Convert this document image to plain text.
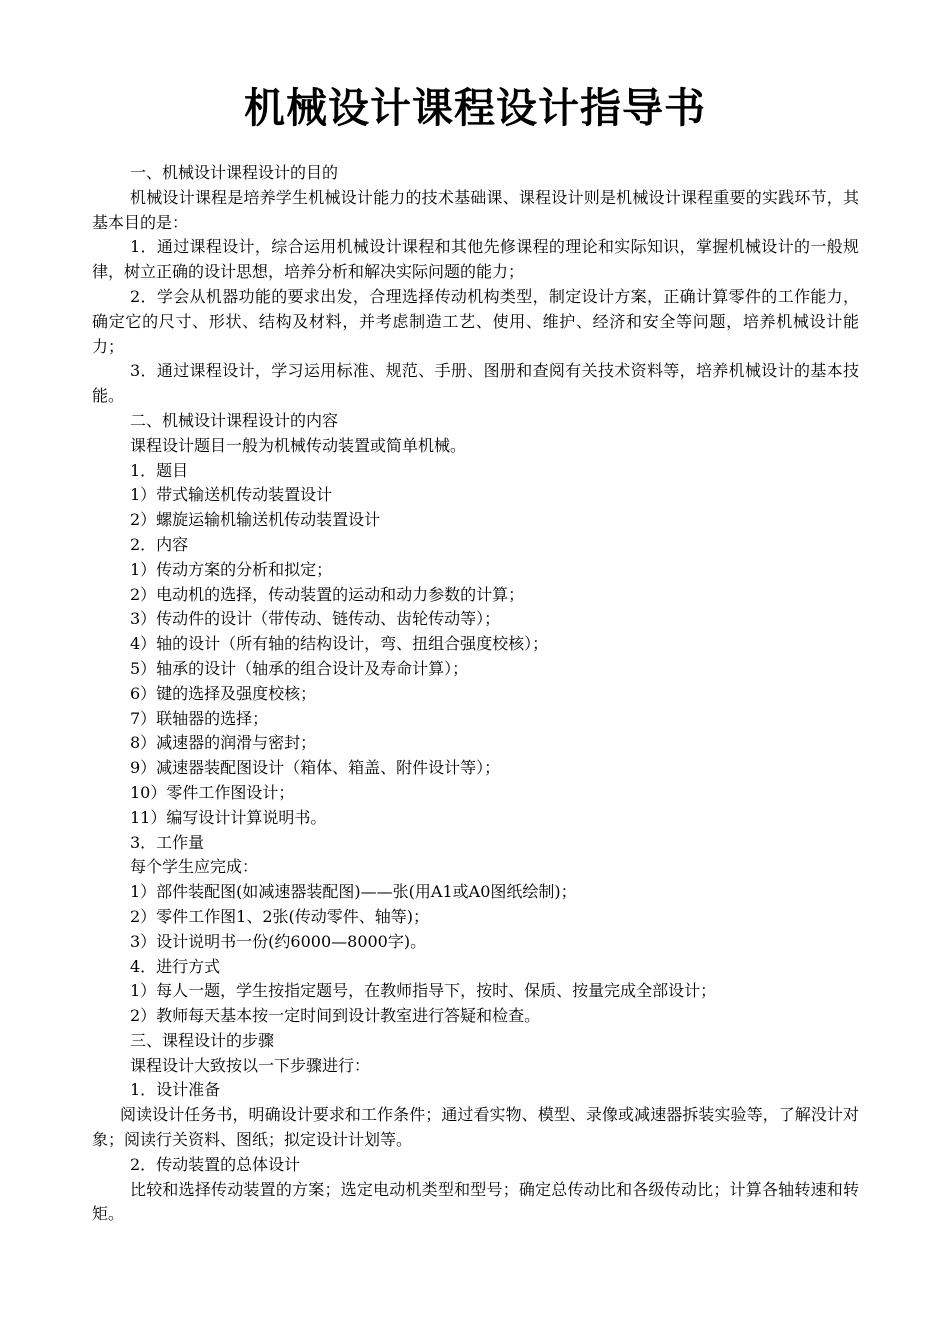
机械设计课程设计指导书

一、机械设计课程设计的目的

机械设计课程是培养学生机械设计能力的技术基础课、课程设计则是机械设计课程重要的实践环节，其基本目的是：

1．通过课程设计，综合运用机械设计课程和其他先修课程的理论和实际知识，掌握机械设计的一般规律，树立正确的设计思想，培养分析和解决实际问题的能力；

2．学会从机器功能的要求出发，合理选择传动机构类型，制定设计方案，正确计算零件的工作能力，确定它的尺寸、形状、结构及材料，并考虑制造工艺、使用、维护、经济和安全等问题，培养机械设计能力；

3．通过课程设计，学习运用标准、规范、手册、图册和查阅有关技术资料等，培养机械设计的基本技能。

二、机械设计课程设计的内容

课程设计题目一般为机械传动装置或简单机械。

1．题目

1）带式输送机传动装置设计

2）螺旋运输机输送机传动装置设计

2．内容

1）传动方案的分析和拟定；

2）电动机的选择，传动装置的运动和动力参数的计算；

3）传动件的设计（带传动、链传动、齿轮传动等）；

4）轴的设计（所有轴的结构设计，弯、扭组合强度校核）；

5）轴承的设计（轴承的组合设计及寿命计算）；

6）键的选择及强度校核；

7）联轴器的选择；

8）减速器的润滑与密封；

9）减速器装配图设计（箱体、箱盖、附件设计等）；

10）零件工作图设计；

11）编写设计计算说明书。

3．工作量

每个学生应完成：

1）部件装配图(如减速器装配图)——张(用A1或A0图纸绘制)；

2）零件工作图1、2张(传动零件、轴等)；

3）设计说明书一份(约6000—8000字)。

4．进行方式

1）每人一题，学生按指定题号，在教师指导下，按时、保质、按量完成全部设计；

2）教师每天基本按一定时间到设计教室进行答疑和检查。

三、课程设计的步骤

课程设计大致按以一下步骤进行：

1．设计准备

阅读设计任务书，明确设计要求和工作条件；通过看实物、模型、录像或减速器拆装实验等，了解没计对象；阅读行关资料、图纸；拟定设计计划等。

2．传动装置的总体设计

比较和选择传动装置的方案；选定电动机类型和型号；确定总传动比和各级传动比；计算各轴转速和转矩。
